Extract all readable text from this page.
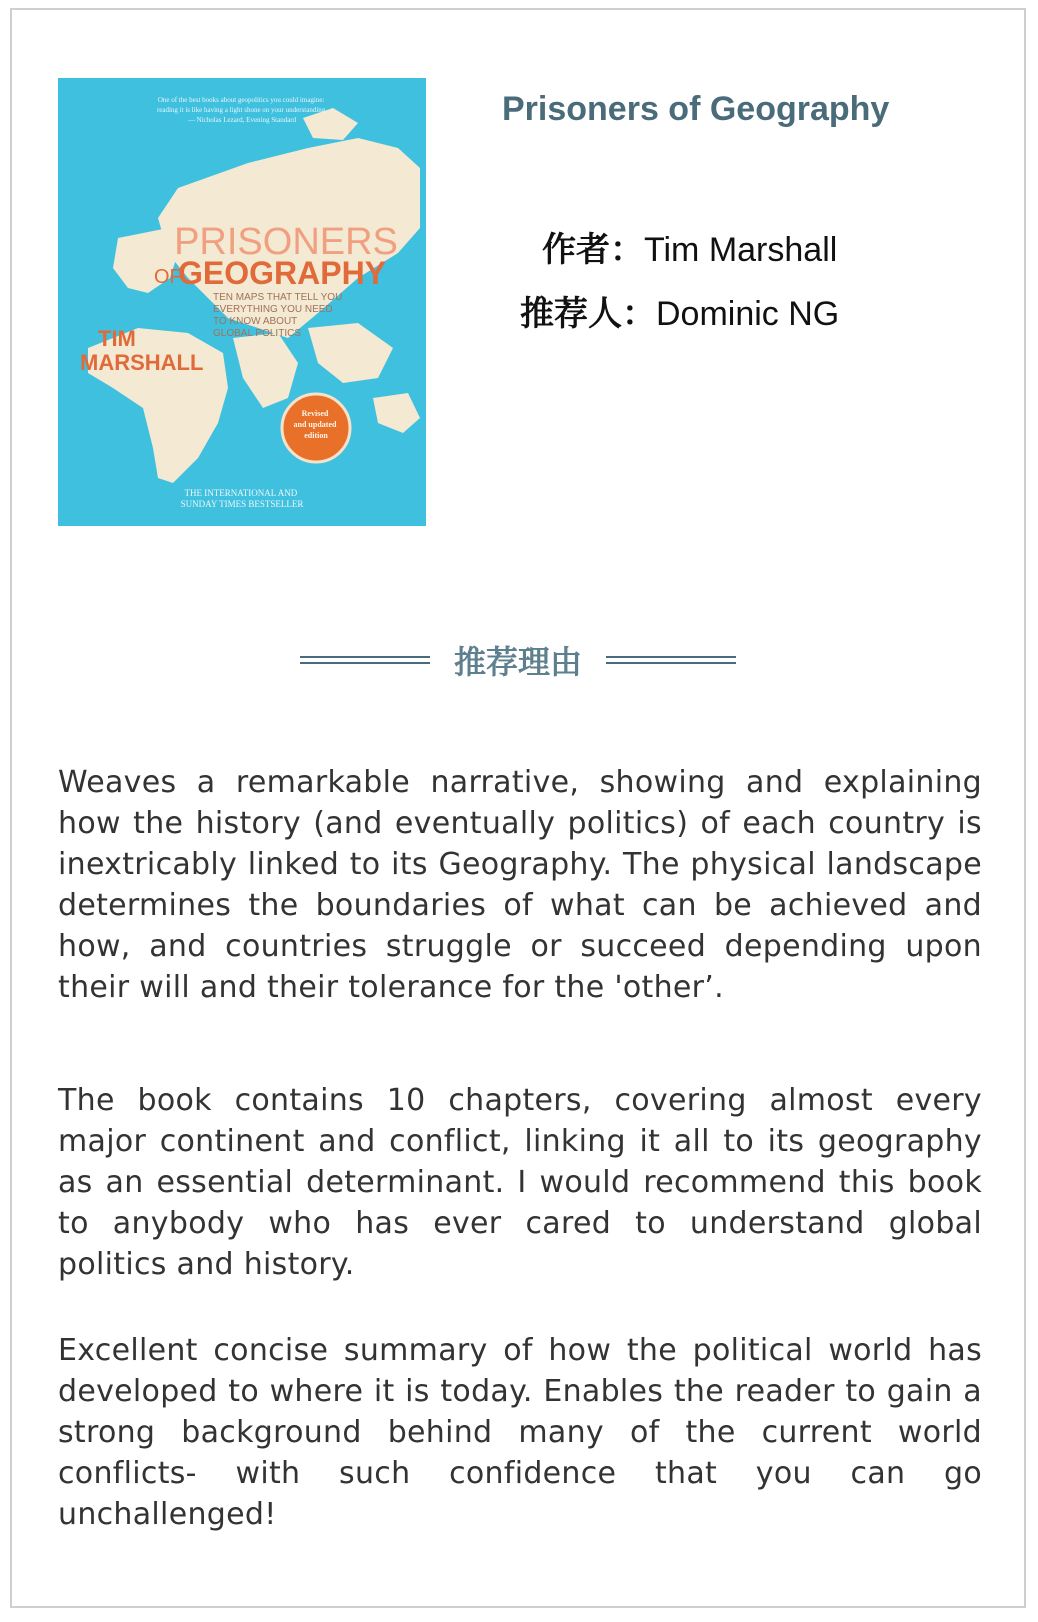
One of the best books about geopolitics you could imagine: reading it is like having a light shone on your understanding — Nicholas Lezard, Evening Standard
PRISONERS
OF
GEOGRAPHY
TEN MAPS THAT TELL YOU EVERYTHING YOU NEED TO KNOW ABOUT GLOBAL POLITICS
TIM
MARSHALL
Revised and updated edition
THE INTERNATIONAL AND SUNDAY TIMES BESTSELLER
Prisoners of Geography
作者：Tim Marshall
推荐人：Dominic NG
推荐理由

Weaves a remarkable narrative, showing and explaining how the history (and eventually politics) of each country is inextricably linked to its Geography. The physical landscape determines the boundaries of what can be achieved and how, and countries struggle or succeed depending upon their will and their tolerance for the 'other’.

The book contains 10 chapters, covering almost every major continent and conflict, linking it all to its geography as an essential determinant. I would recommend this book to anybody who has ever cared to understand global politics and history.

Excellent concise summary of how the political world has developed to where it is today. Enables the reader to gain a strong background behind many of the current world conflicts- with such confidence that you can go unchallenged!
